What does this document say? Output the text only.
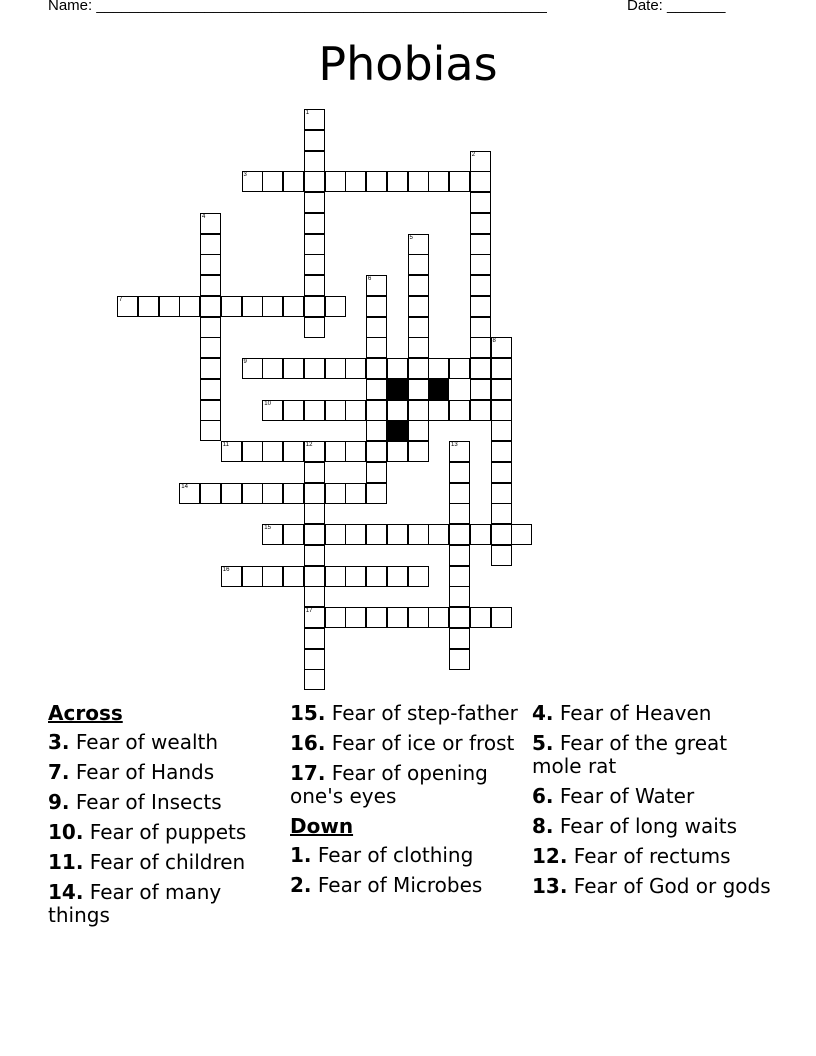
Name: ______________________________________________________	Date: _______
Phobias
1
2
3
4
5
6
7
8
9
10
11	12
17
13
14
15
16
Across
3. Fear of wealth
7. Fear of Hands
9. Fear of Insects
10. Fear of puppets
11. Fear of children
14. Fear of many things
15. Fear of step-father
16. Fear of ice or frost
17. Fear of opening one's eyes
Down
1. Fear of clothing
2. Fear of Microbes
4. Fear of Heaven
5. Fear of the great mole rat
6. Fear of Water
8. Fear of long waits
12. Fear of rectums
13. Fear of God or gods
